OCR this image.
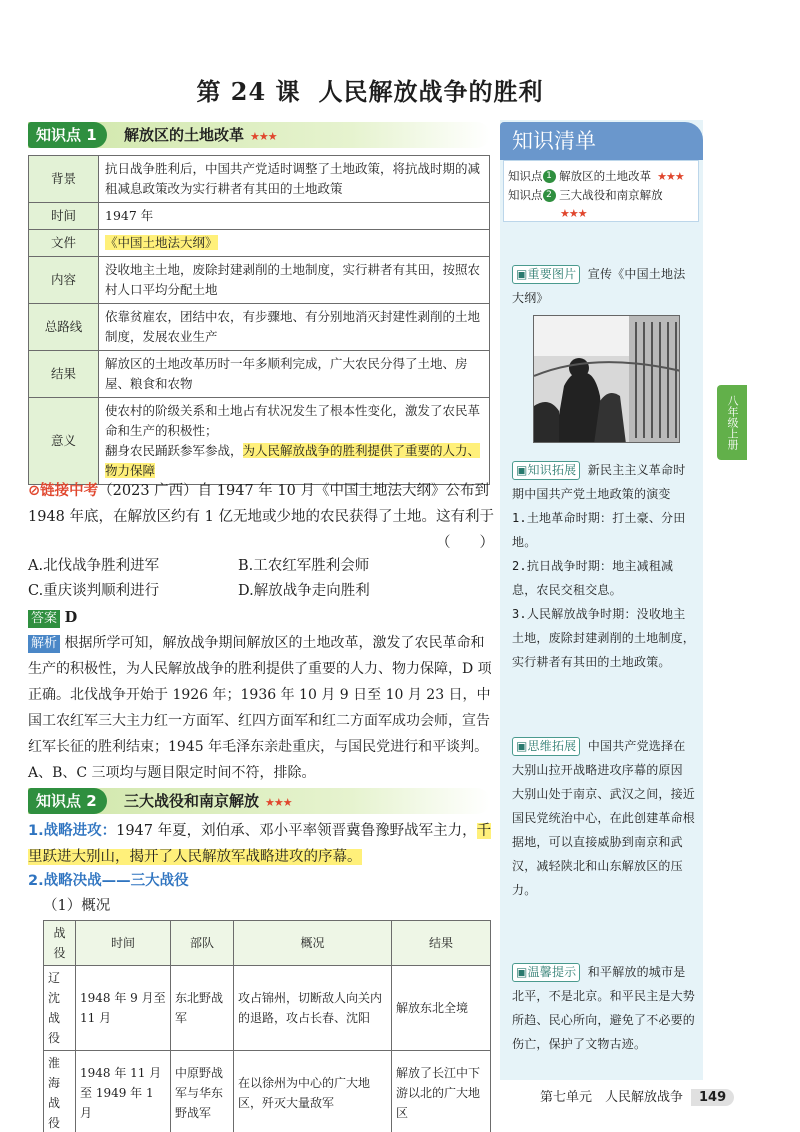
第 24 课 人民解放战争的胜利
知识点 1	解放区的土地改革 ★★★
背景	抗日战争胜利后，中国共产党适时调整了土地政策，将抗战时期的减租减息政策改为实行耕者有其田的土地政策
时间	1947 年
文件	《中国土地法大纲》
内容	没收地主土地，废除封建剥削的土地制度，实行耕者有其田，按照农村人口平均分配土地
总路线	依靠贫雇农，团结中农，有步骤地、有分别地消灭封建性剥削的土地制度，发展农业生产
结果	解放区的土地改革历时一年多顺利完成，广大农民分得了土地、房屋、粮食和农物
意义	使农村的阶级关系和土地占有状况发生了根本性变化，激发了农民革命和生产的积极性；
翻身农民踊跃参军参战，为人民解放战争的胜利提供了重要的人力、物力保障
⊘链接中考（2023 广西）自 1947 年 10 月《中国土地法大纲》公布到 1948 年底，在解放区约有 1 亿无地或少地的农民获得了土地。这有利于
（　　）
A.北伐战争胜利进军	B.工农红军胜利会师
C.重庆谈判顺利进行	D.解放战争走向胜利
答案 D
解析 根据所学可知，解放战争期间解放区的土地改革，激发了农民革命和生产的积极性，为人民解放战争的胜利提供了重要的人力、物力保障，D 项正确。北伐战争开始于 1926 年；1936 年 10 月 9 日至 10 月 23 日，中国工农红军三大主力红一方面军、红四方面军和红二方面军成功会师，宣告红军长征的胜利结束；1945 年毛泽东亲赴重庆，与国民党进行和平谈判。A、B、C 三项均与题目限定时间不符，排除。
知识点 2	三大战役和南京解放 ★★★
1.战略进攻：1947 年夏，刘伯承、邓小平率领晋冀鲁豫野战军主力，千里跃进大别山，揭开了人民解放军战略进攻的序幕。
2.战略决战——三大战役
（1）概况
战役	时间	部队	概况	结果
辽沈战役	1948 年 9 月至 11 月	东北野战军	攻占锦州，切断敌人向关内的退路，攻占长春、沈阳	解放东北全境
淮海战役	1948 年 11 月至 1949 年 1 月	中原野战军与华东野战军	在以徐州为中心的广大地区，歼灭大量敌军	解放了长江中下游以北的广大地区
知识清单
知识点 1 解放区的土地改革 ★★★
知识点 2 三大战役和南京解放
★★★
▣重要图片 宣传《中国土地法大纲》
▣知识拓展 新民主主义革命时期中国共产党土地政策的演变
1.土地革命时期：打土豪、分田地。
2.抗日战争时期：地主减租减息，农民交租交息。
3.人民解放战争时期：没收地主土地，废除封建剥削的土地制度，实行耕者有其田的土地政策。
▣思维拓展 中国共产党选择在大别山拉开战略进攻序幕的原因
大别山处于南京、武汉之间，接近国民党统治中心，在此创建革命根据地，可以直接威胁到南京和武汉，减轻陕北和山东解放区的压力。
▣温馨提示 和平解放的城市是北平，不是北京。和平民主是大势所趋、民心所向，避免了不必要的伤亡，保护了文物古迹。
八年级上册
第七单元　人民解放战争 149
